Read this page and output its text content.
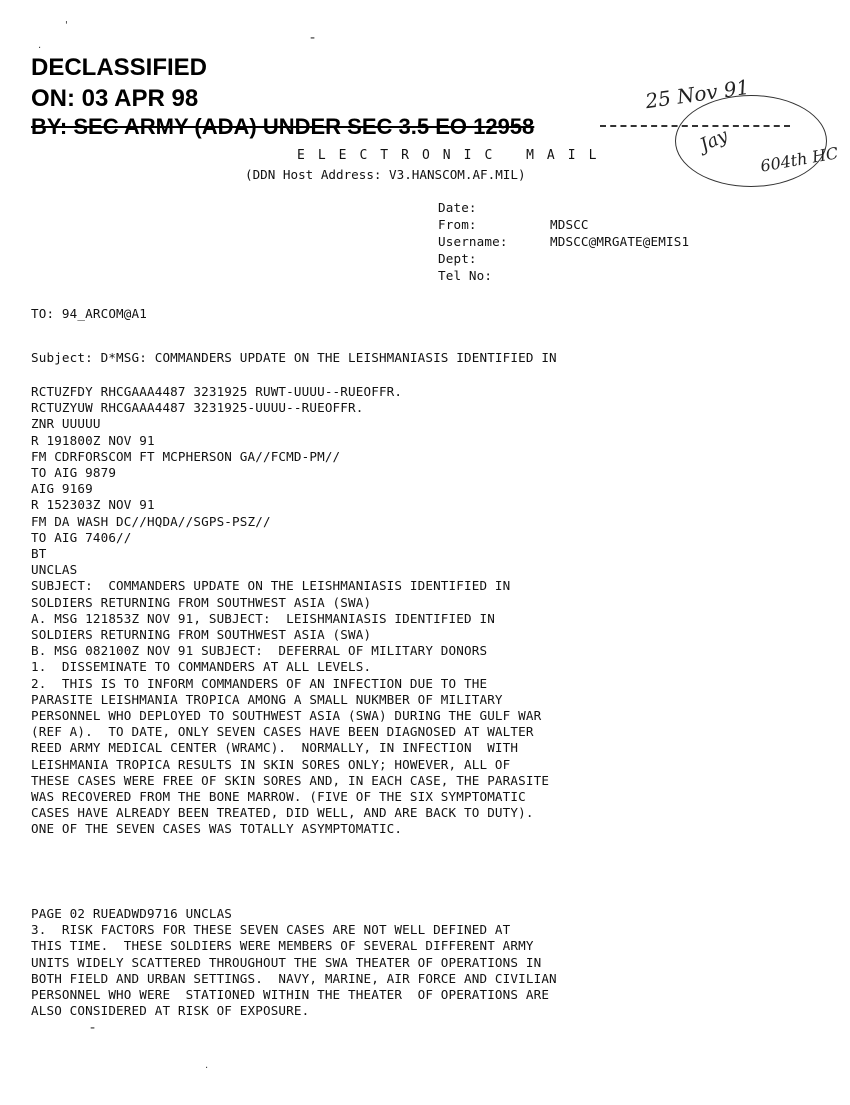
DECLASSIFIED
ON: 03 APR 98
BY: SEC ARMY (ADA) UNDER SEC 3.5 EO 12958
25 Nov 91
Jay
604th HC
.
'
-
-
.
ELECTRONIC MAIL
(DDN Host Address: V3.HANSCOM.AF.MIL)
Date:
From:	MDSCC
Username:	MDSCC@MRGATE@EMIS1
Dept:
Tel No:
TO: 94_ARCOM@A1
Subject: D*MSG: COMMANDERS UPDATE ON THE LEISHMANIASIS IDENTIFIED IN
RCTUZFDY RHCGAAA4487 3231925 RUWT-UUUU--RUEOFFR.
RCTUZYUW RHCGAAA4487 3231925-UUUU--RUEOFFR.
ZNR UUUUU
R 191800Z NOV 91
FM CDRFORSCOM FT MCPHERSON GA//FCMD-PM//
TO AIG 9879
AIG 9169
R 152303Z NOV 91
FM DA WASH DC//HQDA//SGPS-PSZ//
TO AIG 7406//
BT
UNCLAS
SUBJECT:  COMMANDERS UPDATE ON THE LEISHMANIASIS IDENTIFIED IN
SOLDIERS RETURNING FROM SOUTHWEST ASIA (SWA)
A. MSG 121853Z NOV 91, SUBJECT:  LEISHMANIASIS IDENTIFIED IN
SOLDIERS RETURNING FROM SOUTHWEST ASIA (SWA)
B. MSG 082100Z NOV 91 SUBJECT:  DEFERRAL OF MILITARY DONORS
1.  DISSEMINATE TO COMMANDERS AT ALL LEVELS.
2.  THIS IS TO INFORM COMMANDERS OF AN INFECTION DUE TO THE
PARASITE LEISHMANIA TROPICA AMONG A SMALL NUKMBER OF MILITARY
PERSONNEL WHO DEPLOYED TO SOUTHWEST ASIA (SWA) DURING THE GULF WAR
(REF A).  TO DATE, ONLY SEVEN CASES HAVE BEEN DIAGNOSED AT WALTER
REED ARMY MEDICAL CENTER (WRAMC).  NORMALLY, IN INFECTION  WITH
LEISHMANIA TROPICA RESULTS IN SKIN SORES ONLY; HOWEVER, ALL OF
THESE CASES WERE FREE OF SKIN SORES AND, IN EACH CASE, THE PARASITE
WAS RECOVERED FROM THE BONE MARROW. (FIVE OF THE SIX SYMPTOMATIC
CASES HAVE ALREADY BEEN TREATED, DID WELL, AND ARE BACK TO DUTY).
ONE OF THE SEVEN CASES WAS TOTALLY ASYMPTOMATIC.
PAGE 02 RUEADWD9716 UNCLAS
3.  RISK FACTORS FOR THESE SEVEN CASES ARE NOT WELL DEFINED AT
THIS TIME.  THESE SOLDIERS WERE MEMBERS OF SEVERAL DIFFERENT ARMY
UNITS WIDELY SCATTERED THROUGHOUT THE SWA THEATER OF OPERATIONS IN
BOTH FIELD AND URBAN SETTINGS.  NAVY, MARINE, AIR FORCE AND CIVILIAN
PERSONNEL WHO WERE  STATIONED WITHIN THE THEATER  OF OPERATIONS ARE
ALSO CONSIDERED AT RISK OF EXPOSURE.
